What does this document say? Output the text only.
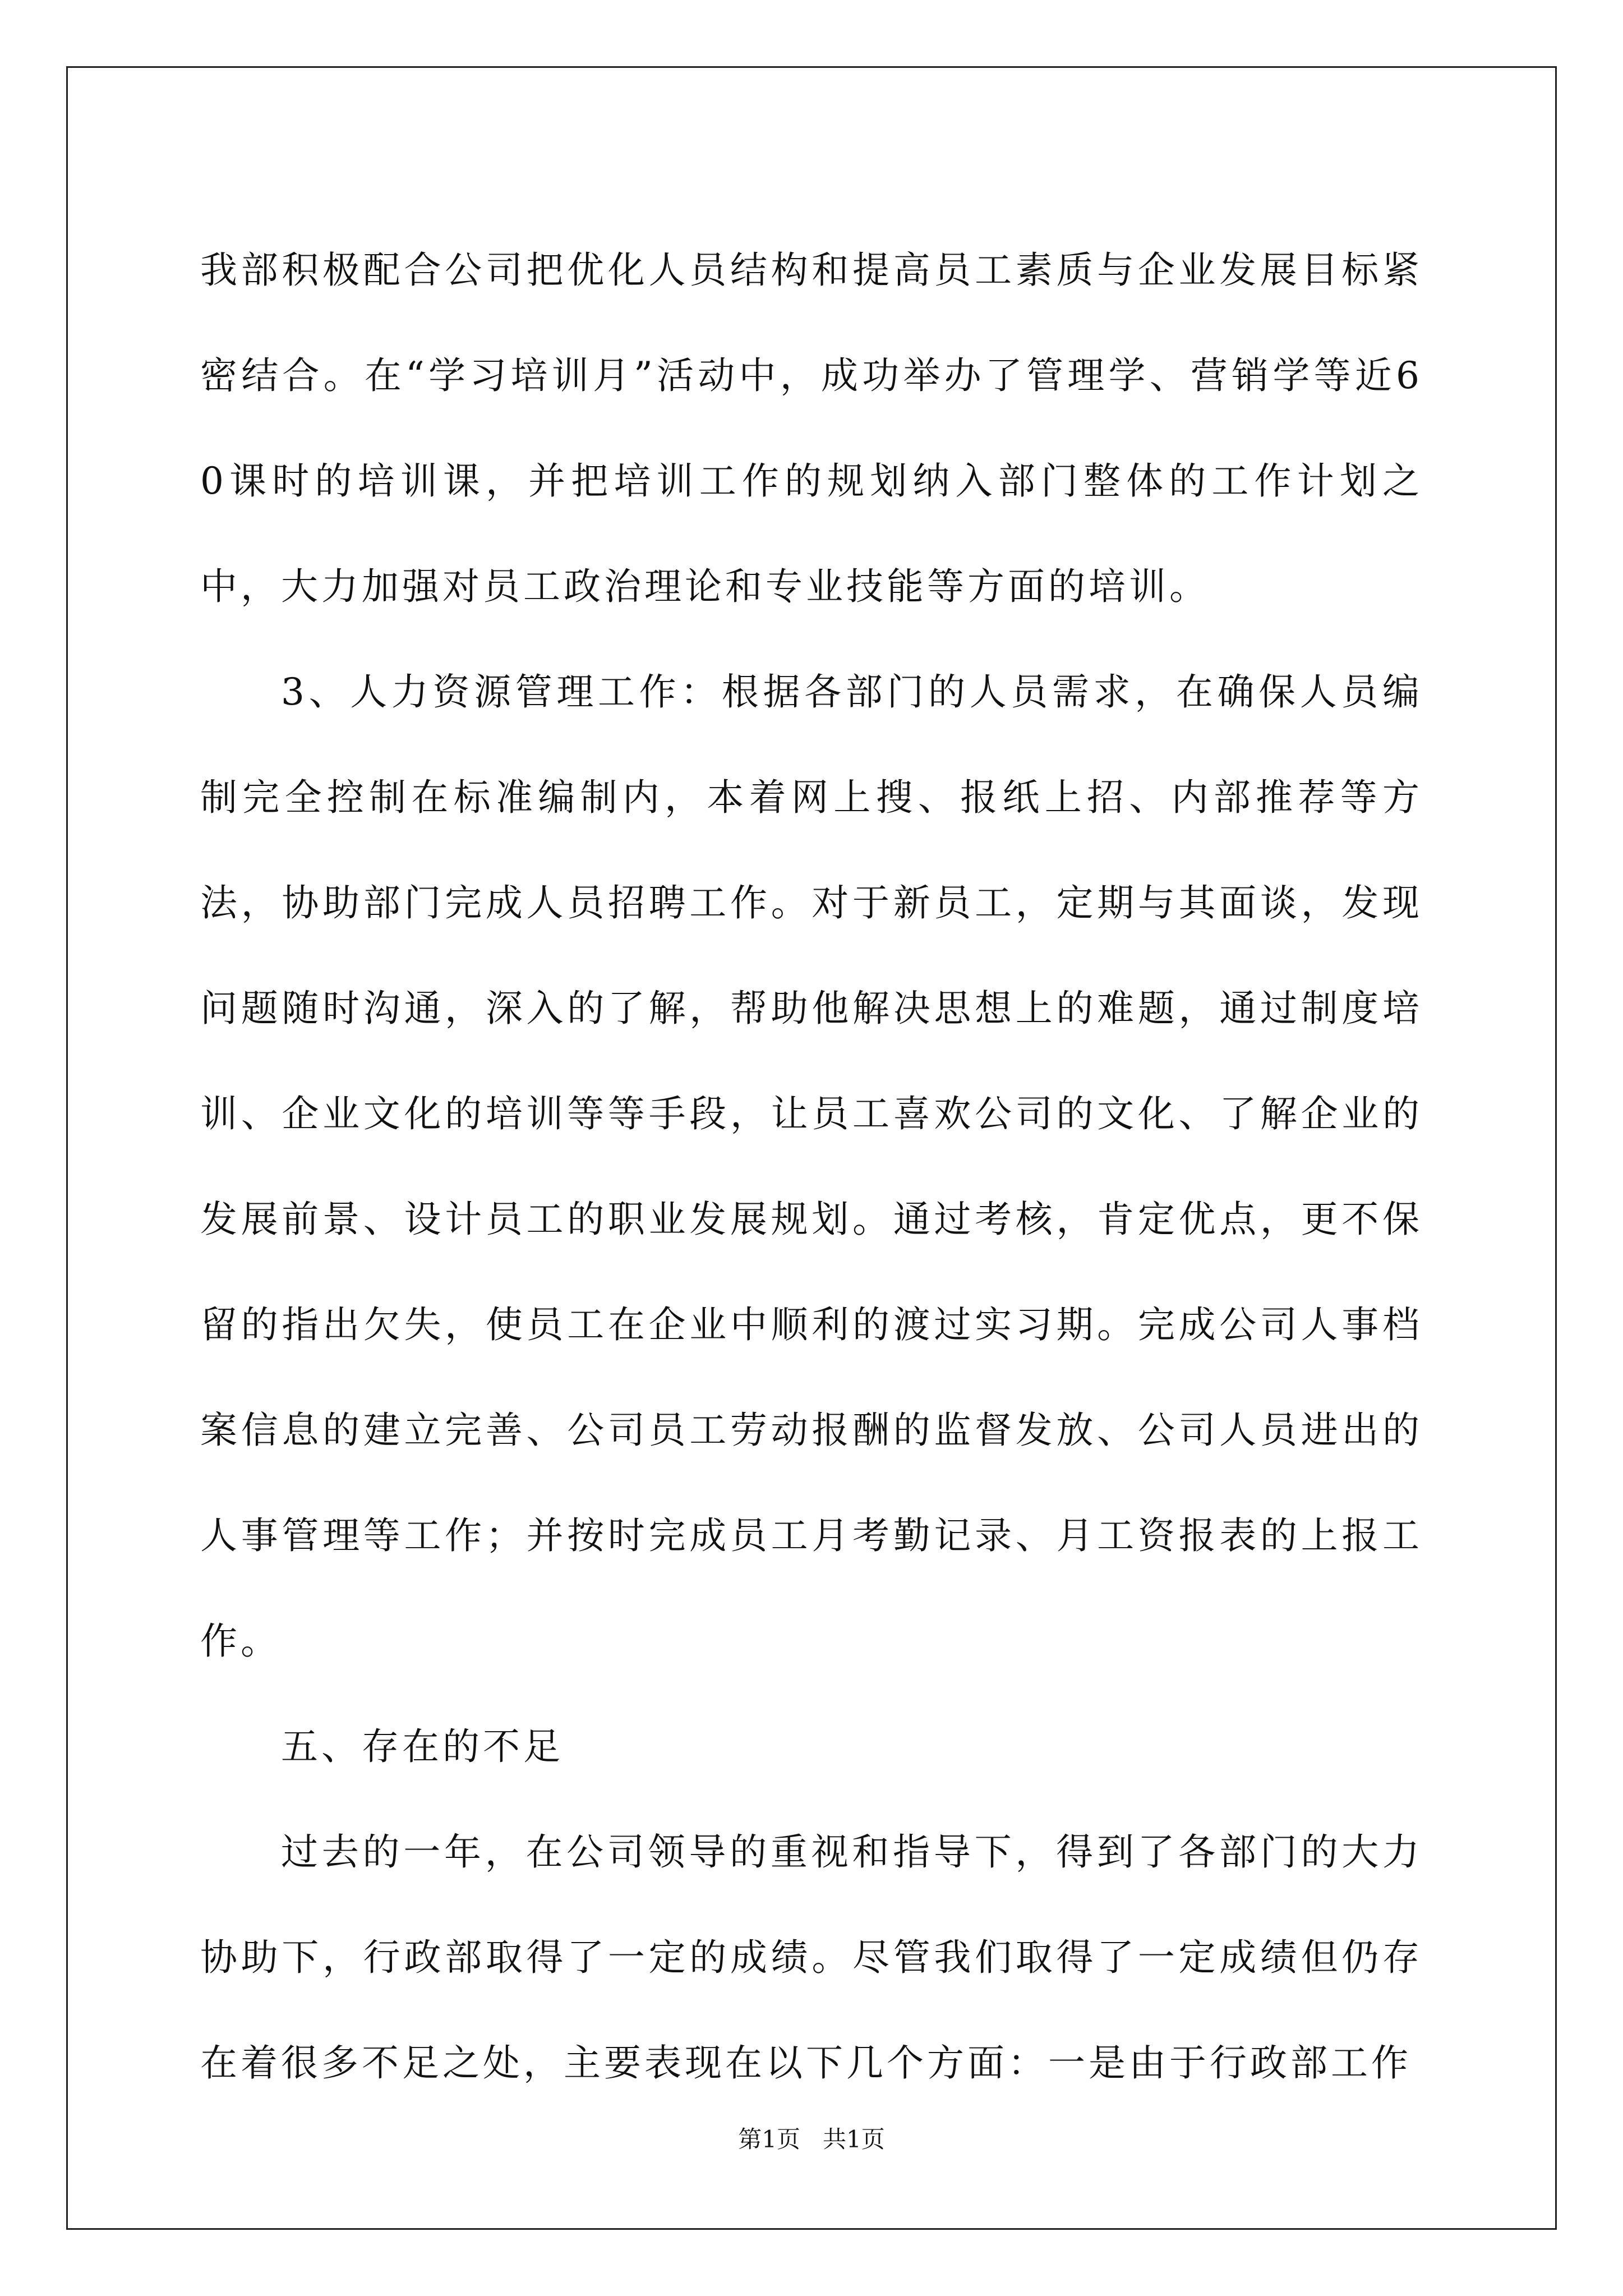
我部积极配合公司把优化人员结构和提高员工素质与企业发展目标紧密结合。在“学习培训月”活动中，成功举办了管理学、营销学等近60课时的培训课，并把培训工作的规划纳入部门整体的工作计划之中，大力加强对员工政治理论和专业技能等方面的培训。

3、人力资源管理工作：根据各部门的人员需求，在确保人员编制完全控制在标准编制内，本着网上搜、报纸上招、内部推荐等方法，协助部门完成人员招聘工作。对于新员工，定期与其面谈，发现问题随时沟通，深入的了解，帮助他解决思想上的难题，通过制度培训、企业文化的培训等等手段，让员工喜欢公司的文化、了解企业的发展前景、设计员工的职业发展规划。通过考核，肯定优点，更不保留的指出欠失，使员工在企业中顺利的渡过实习期。完成公司人事档案信息的建立完善、公司员工劳动报酬的监督发放、公司人员进出的人事管理等工作；并按时完成员工月考勤记录、月工资报表的上报工作。

五、存在的不足

过去的一年，在公司领导的重视和指导下，得到了各部门的大力协助下，行政部取得了一定的成绩。尽管我们取得了一定成绩但仍存在着很多不足之处，主要表现在以下几个方面：一是由于行政部工作

第1页 共1页
